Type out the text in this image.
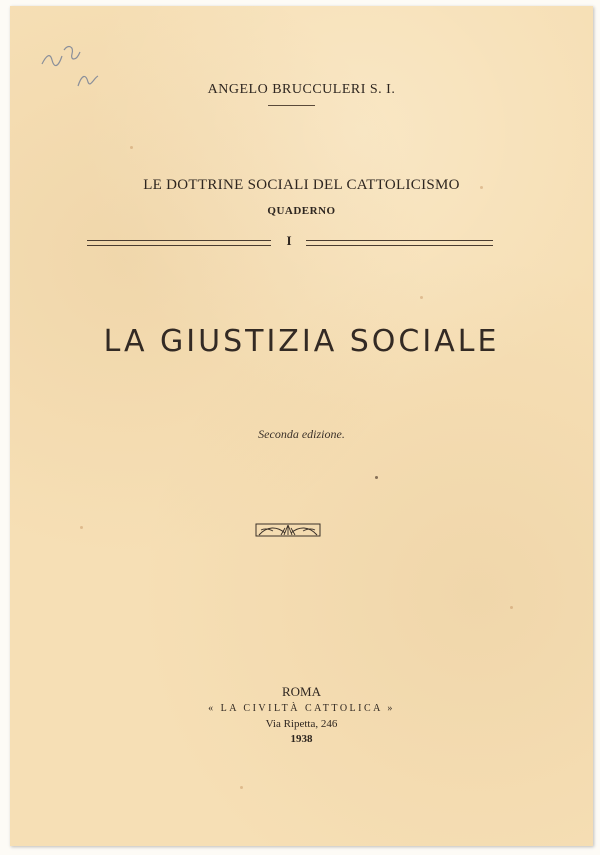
ANGELO BRUCCULERI S. I.
LE DOTTRINE SOCIALI DEL CATTOLICISMO
QUADERNO
I
LA GIUSTIZIA SOCIALE
Seconda edizione.
ROMA
« LA CIVILTÀ CATTOLICA »
Via Ripetta, 246
1938
